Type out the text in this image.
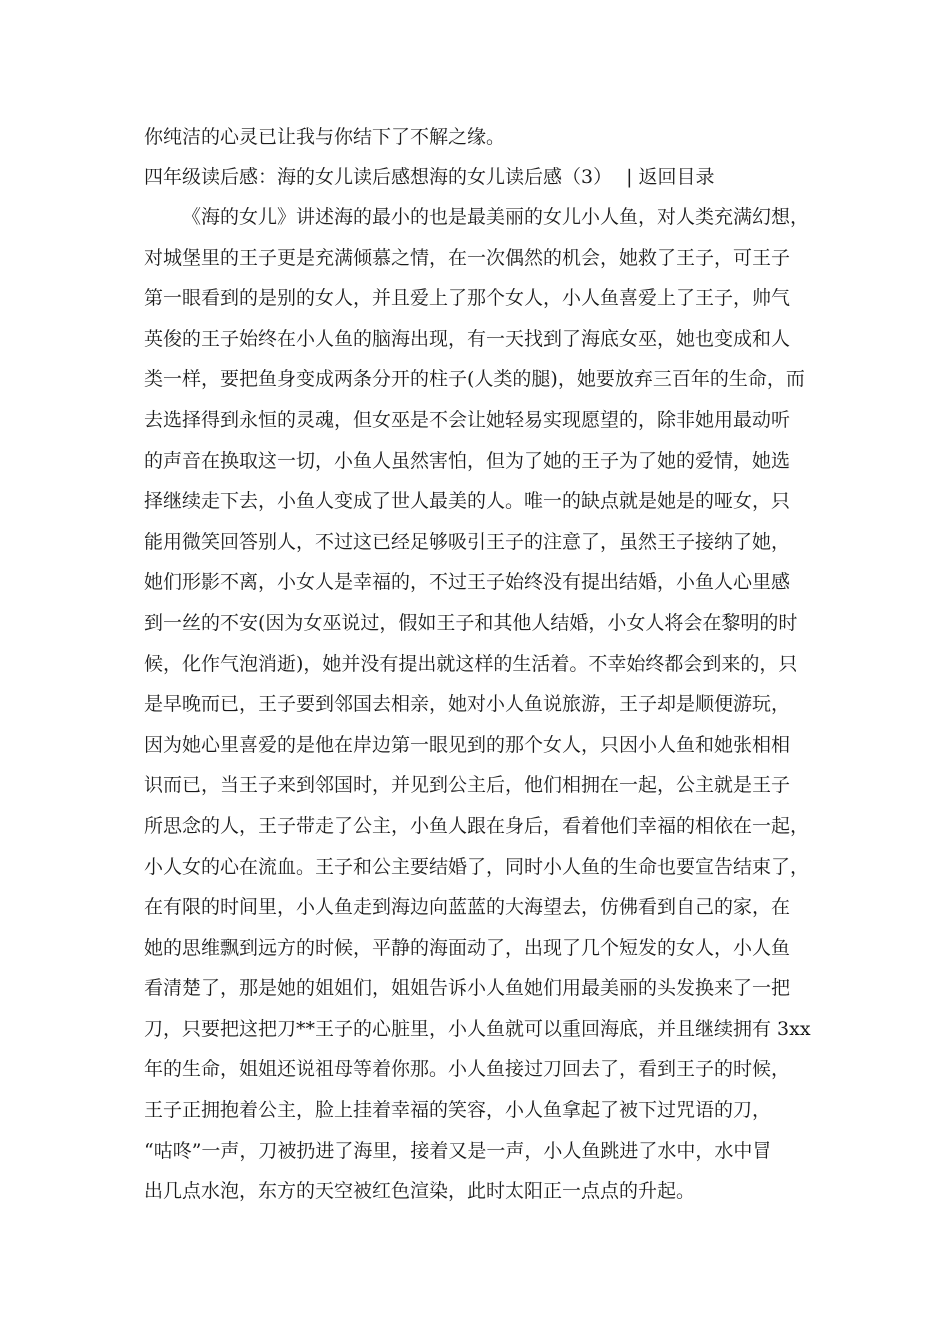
你纯洁的心灵已让我与你结下了不解之缘。
四年级读后感：海的女儿读后感想海的女儿读后感（3） | 返回目录
《海的女儿》讲述海的最小的也是最美丽的女儿小人鱼，对人类充满幻想，
对城堡里的王子更是充满倾慕之情，在一次偶然的机会，她救了王子，可王子
第一眼看到的是别的女人，并且爱上了那个女人，小人鱼喜爱上了王子，帅气
英俊的王子始终在小人鱼的脑海出现，有一天找到了海底女巫，她也变成和人
类一样，要把鱼身变成两条分开的柱子(人类的腿)，她要放弃三百年的生命，而
去选择得到永恒的灵魂，但女巫是不会让她轻易实现愿望的，除非她用最动听
的声音在换取这一切，小鱼人虽然害怕，但为了她的王子为了她的爱情，她选
择继续走下去，小鱼人变成了世人最美的人。唯一的缺点就是她是的哑女，只
能用微笑回答别人，不过这已经足够吸引王子的注意了，虽然王子接纳了她，
她们形影不离，小女人是幸福的，不过王子始终没有提出结婚，小鱼人心里感
到一丝的不安(因为女巫说过，假如王子和其他人结婚，小女人将会在黎明的时
候，化作气泡消逝)，她并没有提出就这样的生活着。不幸始终都会到来的，只
是早晚而已，王子要到邻国去相亲，她对小人鱼说旅游，王子却是顺便游玩，
因为她心里喜爱的是他在岸边第一眼见到的那个女人，只因小人鱼和她张相相
识而已，当王子来到邻国时，并见到公主后，他们相拥在一起，公主就是王子
所思念的人，王子带走了公主，小鱼人跟在身后，看着他们幸福的相依在一起，
小人女的心在流血。王子和公主要结婚了，同时小人鱼的生命也要宣告结束了，
在有限的时间里，小人鱼走到海边向蓝蓝的大海望去，仿佛看到自己的家，在
她的思维飘到远方的时候，平静的海面动了，出现了几个短发的女人，小人鱼
看清楚了，那是她的姐姐们，姐姐告诉小人鱼她们用最美丽的头发换来了一把
刀，只要把这把刀**王子的心脏里，小人鱼就可以重回海底，并且继续拥有 3xx
年的生命，姐姐还说祖母等着你那。小人鱼接过刀回去了，看到王子的时候，
王子正拥抱着公主，脸上挂着幸福的笑容，小人鱼拿起了被下过咒语的刀，
“咕咚”一声，刀被扔进了海里，接着又是一声，小人鱼跳进了水中，水中冒
出几点水泡，东方的天空被红色渲染，此时太阳正一点点的升起。
